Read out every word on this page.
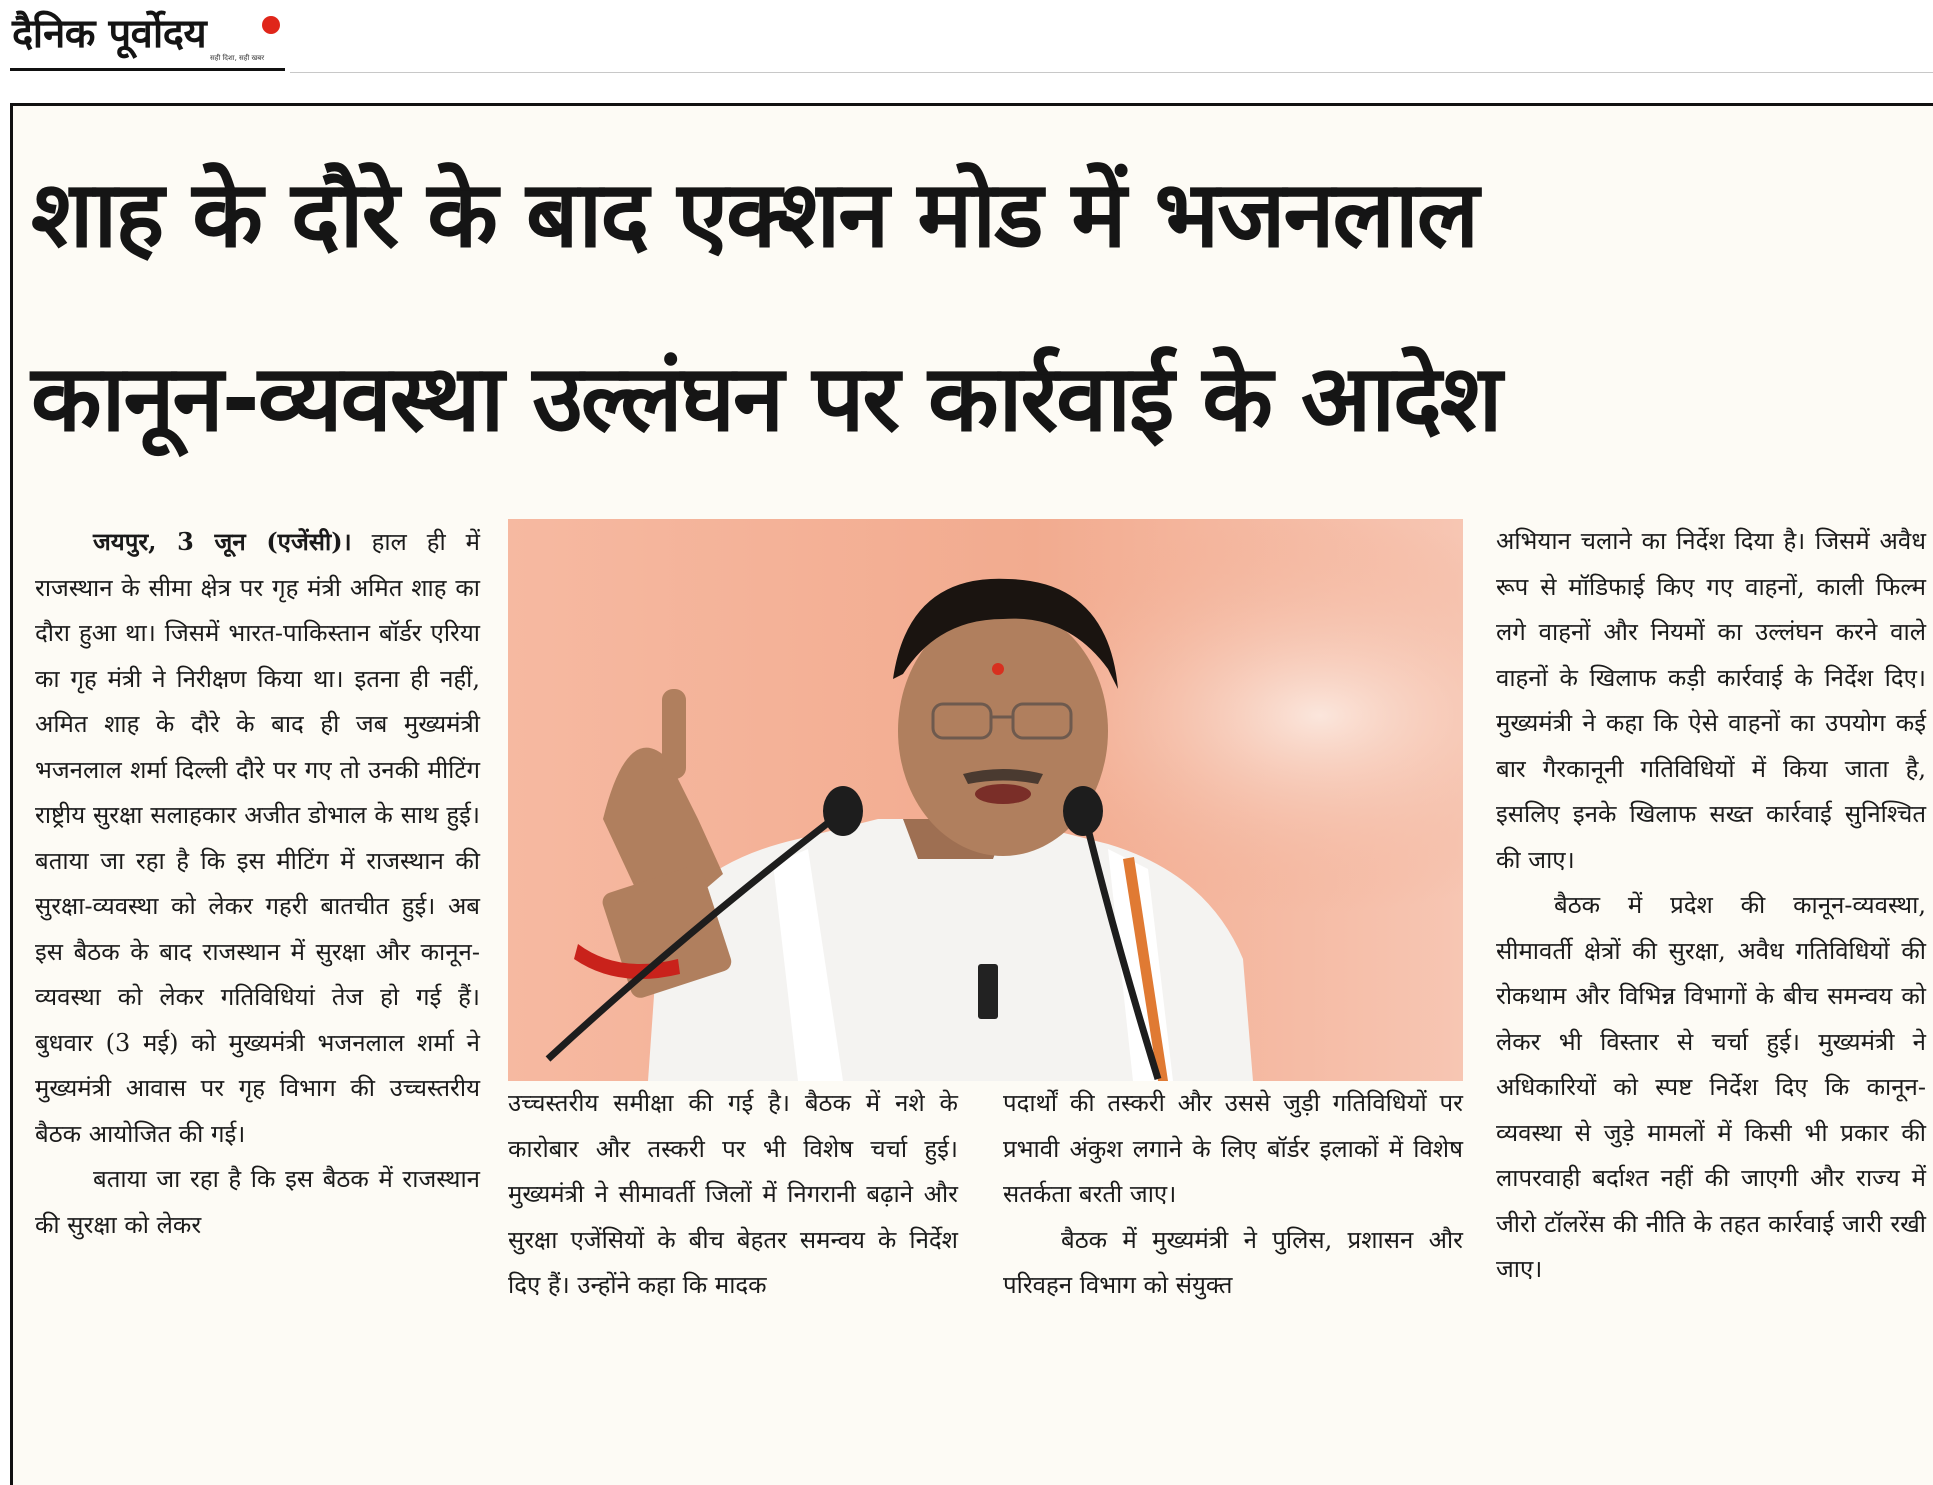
दैनिक पूर्वोदय
सही दिशा, सही खबर
शाह के दौरे के बाद एक्शन मोड में भजनलाल
कानून-व्यवस्था उल्लंघन पर कार्रवाई के आदेश

जयपुर, 3 जून (एजेंसी)। हाल ही में राजस्थान के सीमा क्षेत्र पर गृह मंत्री अमित शाह का दौरा हुआ था। जिसमें भारत-पाकिस्तान बॉर्डर एरिया का गृह मंत्री ने निरीक्षण किया था। इतना ही नहीं, अमित शाह के दौरे के बाद ही जब मुख्यमंत्री भजनलाल शर्मा दिल्ली दौरे पर गए तो उनकी मीटिंग राष्ट्रीय सुरक्षा सलाहकार अजीत डोभाल के साथ हुई। बताया जा रहा है कि इस मीटिंग में राजस्थान की सुरक्षा-व्यवस्था को लेकर गहरी बातचीत हुई। अब इस बैठक के बाद राजस्थान में सुरक्षा और कानून-व्यवस्था को लेकर गतिविधियां तेज हो गई हैं। बुधवार (3 मई) को मुख्यमंत्री भजनलाल शर्मा ने मुख्यमंत्री आवास पर गृह विभाग की उच्चस्तरीय बैठक आयोजित की गई।

बताया जा रहा है कि इस बैठक में राजस्थान की सुरक्षा को लेकर

उच्चस्तरीय समीक्षा की गई है। बैठक में नशे के कारोबार और तस्करी पर भी विशेष चर्चा हुई। मुख्यमंत्री ने सीमावर्ती जिलों में निगरानी बढ़ाने और सुरक्षा एजेंसियों के बीच बेहतर समन्वय के निर्देश दिए हैं। उन्होंने कहा कि मादक

पदार्थों की तस्करी और उससे जुड़ी गतिविधियों पर प्रभावी अंकुश लगाने के लिए बॉर्डर इलाकों में विशेष सतर्कता बरती जाए।

बैठक में मुख्यमंत्री ने पुलिस, प्रशासन और परिवहन विभाग को संयुक्त

अभियान चलाने का निर्देश दिया है। जिसमें अवैध रूप से मॉडिफाई किए गए वाहनों, काली फिल्म लगे वाहनों और नियमों का उल्लंघन करने वाले वाहनों के खिलाफ कड़ी कार्रवाई के निर्देश दिए। मुख्यमंत्री ने कहा कि ऐसे वाहनों का उपयोग कई बार गैरकानूनी गतिविधियों में किया जाता है, इसलिए इनके खिलाफ सख्त कार्रवाई सुनिश्चित की जाए।

बैठक में प्रदेश की कानून-व्यवस्था, सीमावर्ती क्षेत्रों की सुरक्षा, अवैध गतिविधियों की रोकथाम और विभिन्न विभागों के बीच समन्वय को लेकर भी विस्तार से चर्चा हुई। मुख्यमंत्री ने अधिकारियों को स्पष्ट निर्देश दिए कि कानून-व्यवस्था से जुड़े मामलों में किसी भी प्रकार की लापरवाही बर्दाश्त नहीं की जाएगी और राज्य में जीरो टॉलरेंस की नीति के तहत कार्रवाई जारी रखी जाए।
